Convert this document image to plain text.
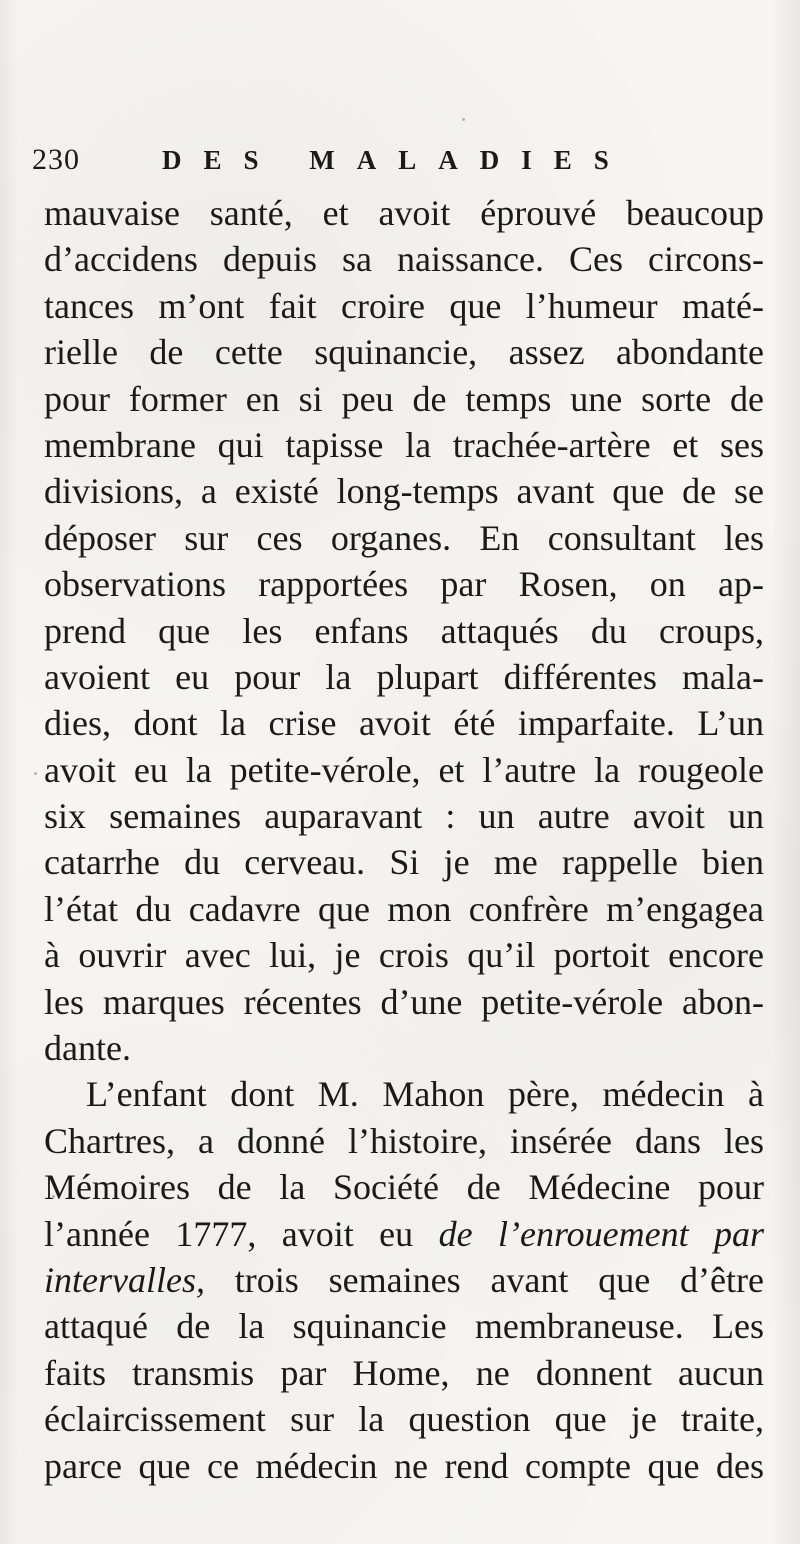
230	DES MALADIES
mauvaise santé, et avoit éprouvé beaucoup
d’accidens depuis sa naissance. Ces circons-
tances m’ont fait croire que l’humeur maté-
rielle de cette squinancie, assez abondante
pour former en si peu de temps une sorte de
membrane qui tapisse la trachée-artère et ses
divisions, a existé long-temps avant que de se
déposer sur ces organes. En consultant les
observations rapportées par Rosen, on ap-
prend que les enfans attaqués du croups,
avoient eu pour la plupart différentes mala-
dies, dont la crise avoit été imparfaite. L’un
avoit eu la petite-vérole, et l’autre la rougeole
six semaines auparavant : un autre avoit un
catarrhe du cerveau. Si je me rappelle bien
l’état du cadavre que mon confrère m’engagea
à ouvrir avec lui, je crois qu’il portoit encore
les marques récentes d’une petite-vérole abon-
dante.
L’enfant dont M. Mahon père, médecin à
Chartres, a donné l’histoire, insérée dans les
Mémoires de la Société de Médecine pour
l’année 1777, avoit eu de l’enrouement par
intervalles, trois semaines avant que d’être
attaqué de la squinancie membraneuse. Les
faits transmis par Home, ne donnent aucun
éclaircissement sur la question que je traite,
parce que ce médecin ne rend compte que des
